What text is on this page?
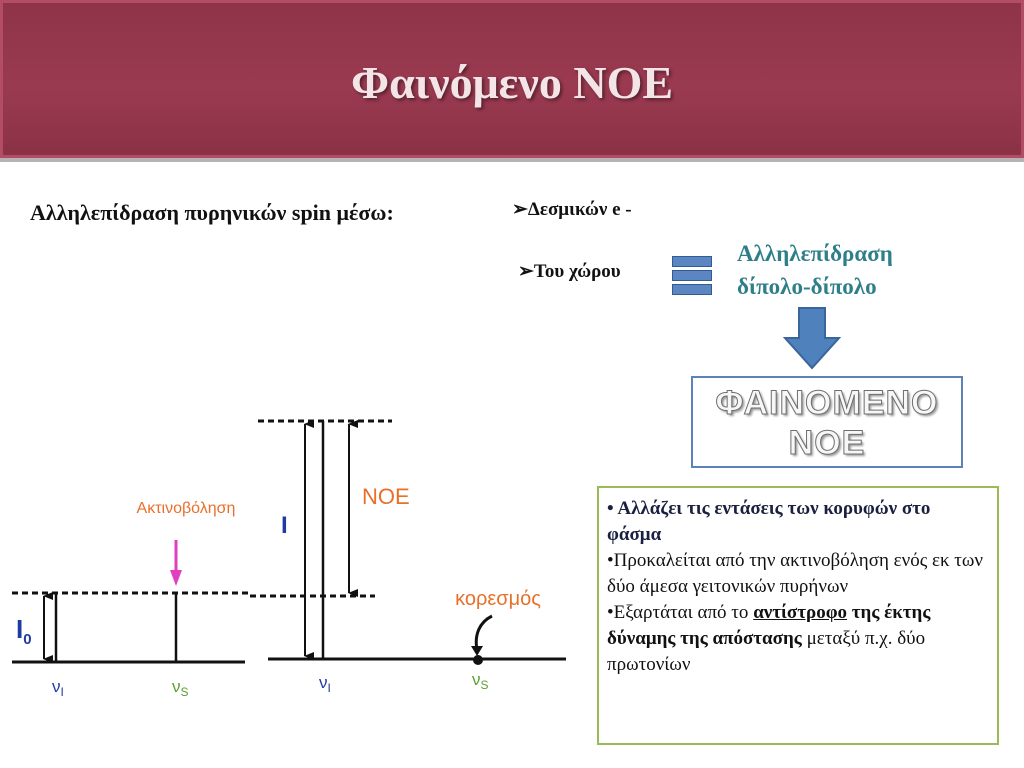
Φαινόμενο NOE
Αλληλεπίδραση πυρηνικών spin μέσω:	➢Δεσμικών e -
➢Του χώρου
Αλληλεπίδραση
δίπολο-δίπολο
ΦΑΙΝΟΜΕΝΟ
NOE

• Αλλάζει τις εντάσεις των κορυφών στο φάσμα

•Προκαλείται από την ακτινοβόληση ενός εκ των δύο άμεσα γειτονικών πυρήνων

•Εξαρτάται από το αντίστροφο της έκτης δύναμης της απόστασης μεταξύ π.χ. δύο πρωτονίων

Ακτινοβόληση
$I_0$
I
NOE
κορεσμός
$\nu_I$	$\nu_S$	$\nu_I$	$\nu_S$
